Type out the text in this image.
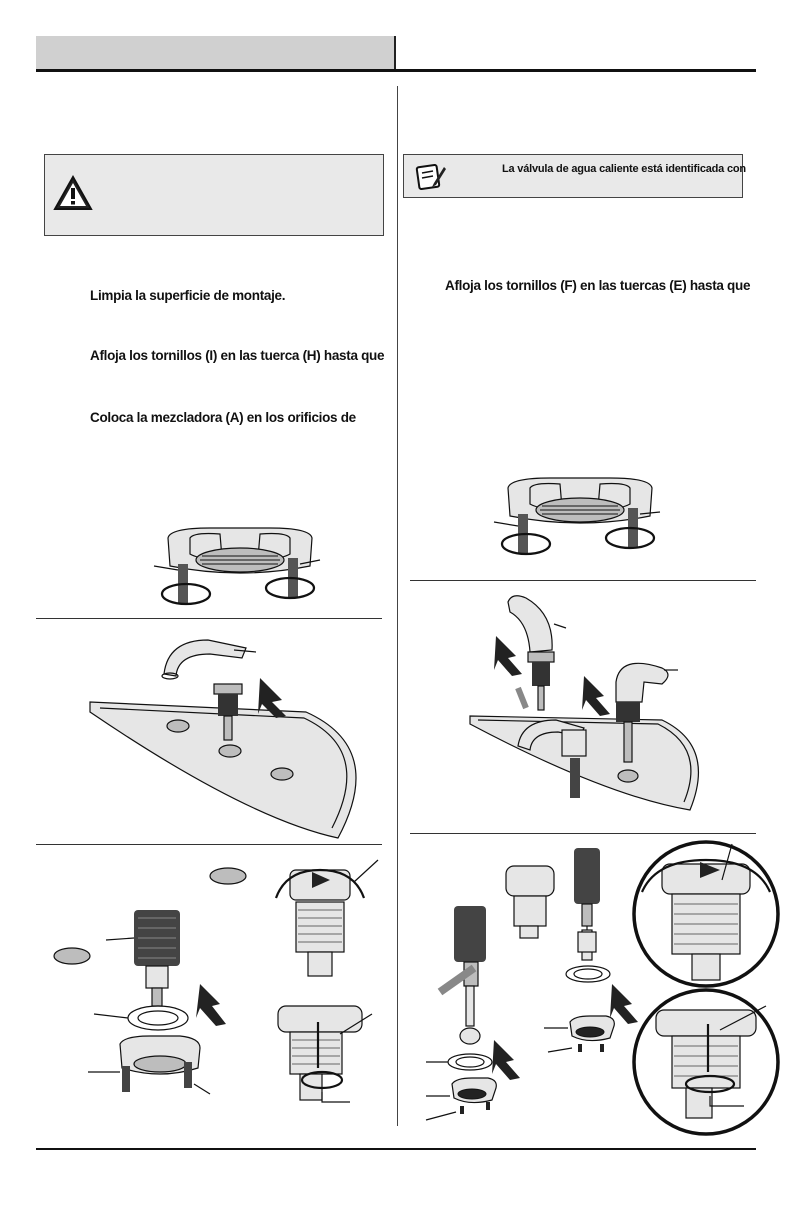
La válvula de agua caliente está identificada con
Limpia la superficie de montaje.
Afloja los tornillos (I) en las tuerca (H) hasta que
Coloca la mezcladora (A) en los orificios de
Afloja los tornillos (F) en las tuercas (E) hasta que
